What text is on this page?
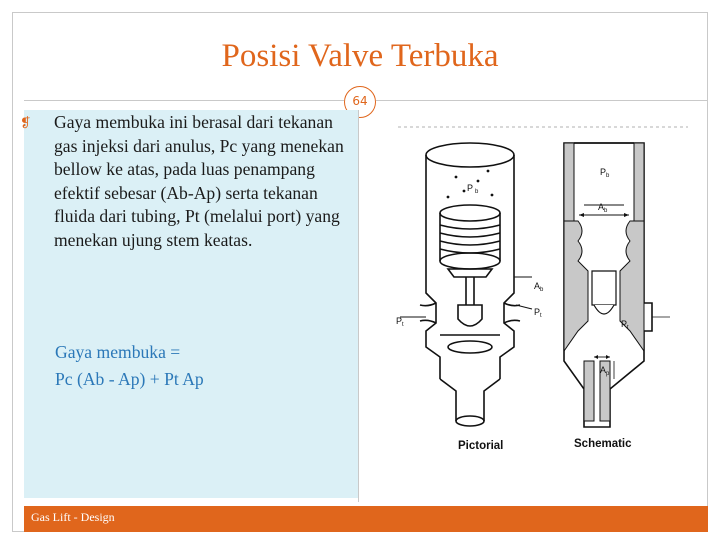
Posisi Valve Terbuka
64
❡	Gaya membuka ini berasal dari tekanan gas injeksi dari anulus, Pc yang menekan bellow ke atas, pada luas penampang efektif sebesar (Ab-Ap) serta tekanan fluida dari tubing, Pt (melalui port) yang menekan ujung stem keatas.
Gaya membuka =
Pc (Ab - Ap) + Pt Ap
P b
P t
A b
P t
P b
A b
P t
A p
Pictorial	Schematic
Gas Lift - Design
